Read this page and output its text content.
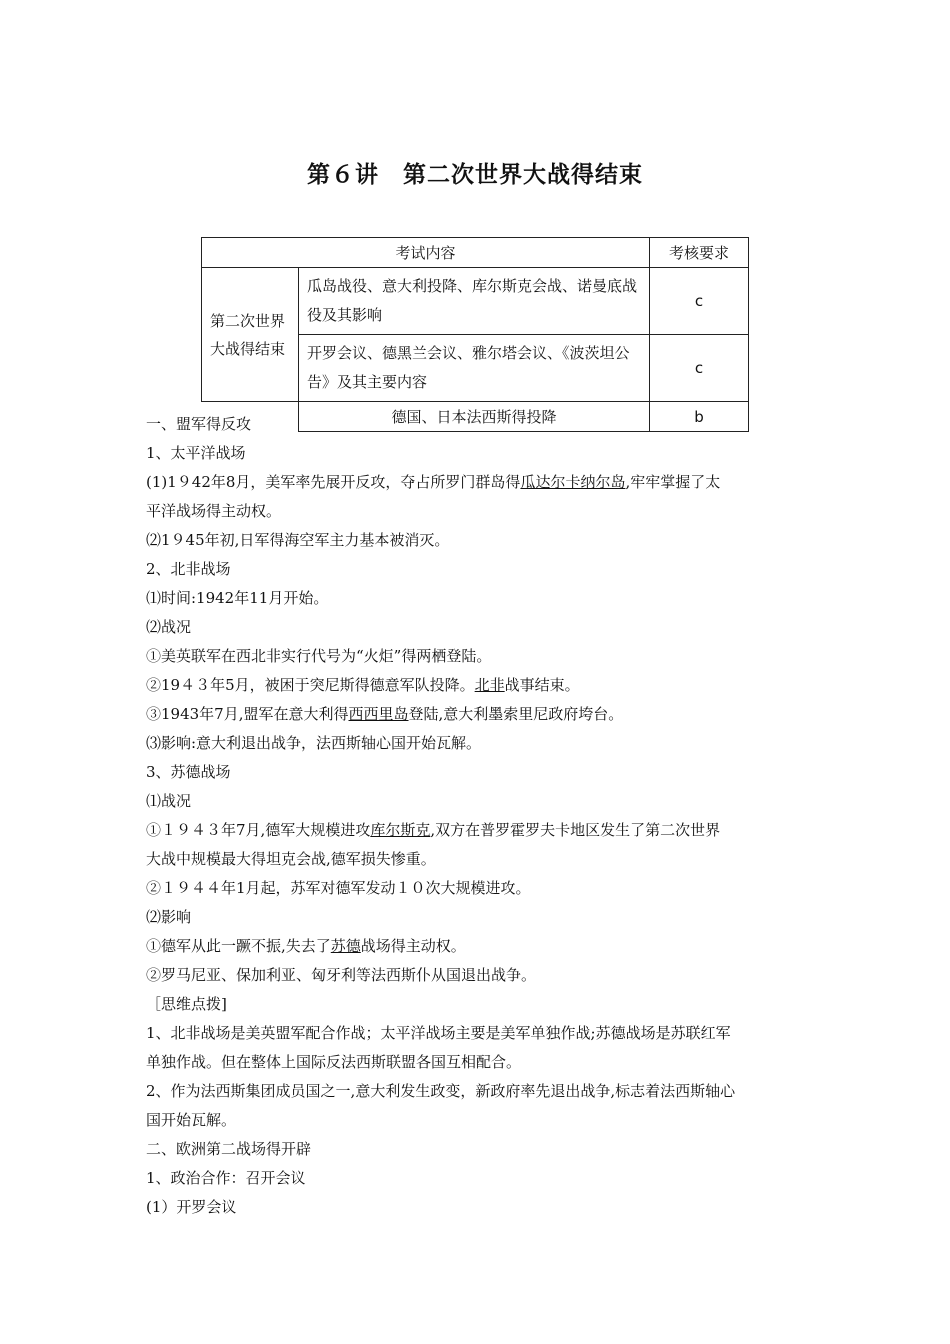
第６讲　第二次世界大战得结束
考试内容		考核要求
第二次世界大战得结束	瓜岛战役、意大利投降、库尔斯克会战、诺曼底战役及其影响	c
	开罗会议、德黑兰会议、雅尔塔会议、《波茨坦公告》及其主要内容	c
	德国、日本法西斯得投降	b

一、盟军得反攻

1、太平洋战场

(1)1９42年8月，美军率先展开反攻，夺占所罗门群岛得瓜达尔卡纳尔岛,牢牢掌握了太

平洋战场得主动权。

⑵1９45年初,日军得海空军主力基本被消灭。

2、北非战场

⑴时间:1942年11月开始。

⑵战况

①美英联军在西北非实行代号为“火炬”得两栖登陆。

②19４３年5月，被困于突尼斯得德意军队投降。北非战事结束。

③1943年7月,盟军在意大利得西西里岛登陆,意大利墨索里尼政府垮台。

⑶影响:意大利退出战争，法西斯轴心国开始瓦解。

3、苏德战场

⑴战况

①１９４３年7月,德军大规模进攻库尔斯克,双方在普罗霍罗夫卡地区发生了第二次世界

大战中规模最大得坦克会战,德军损失惨重。

②１９４４年1月起，苏军对德军发动１０次大规模进攻。

⑵影响

①德军从此一蹶不振,失去了苏德战场得主动权。

②罗马尼亚、保加利亚、匈牙利等法西斯仆从国退出战争。

［思维点拨]

1、北非战场是美英盟军配合作战；太平洋战场主要是美军单独作战;苏德战场是苏联红军

单独作战。但在整体上国际反法西斯联盟各国互相配合。

2、作为法西斯集团成员国之一,意大利发生政变，新政府率先退出战争,标志着法西斯轴心

国开始瓦解。

二、欧洲第二战场得开辟

1、政治合作：召开会议

(1）开罗会议
